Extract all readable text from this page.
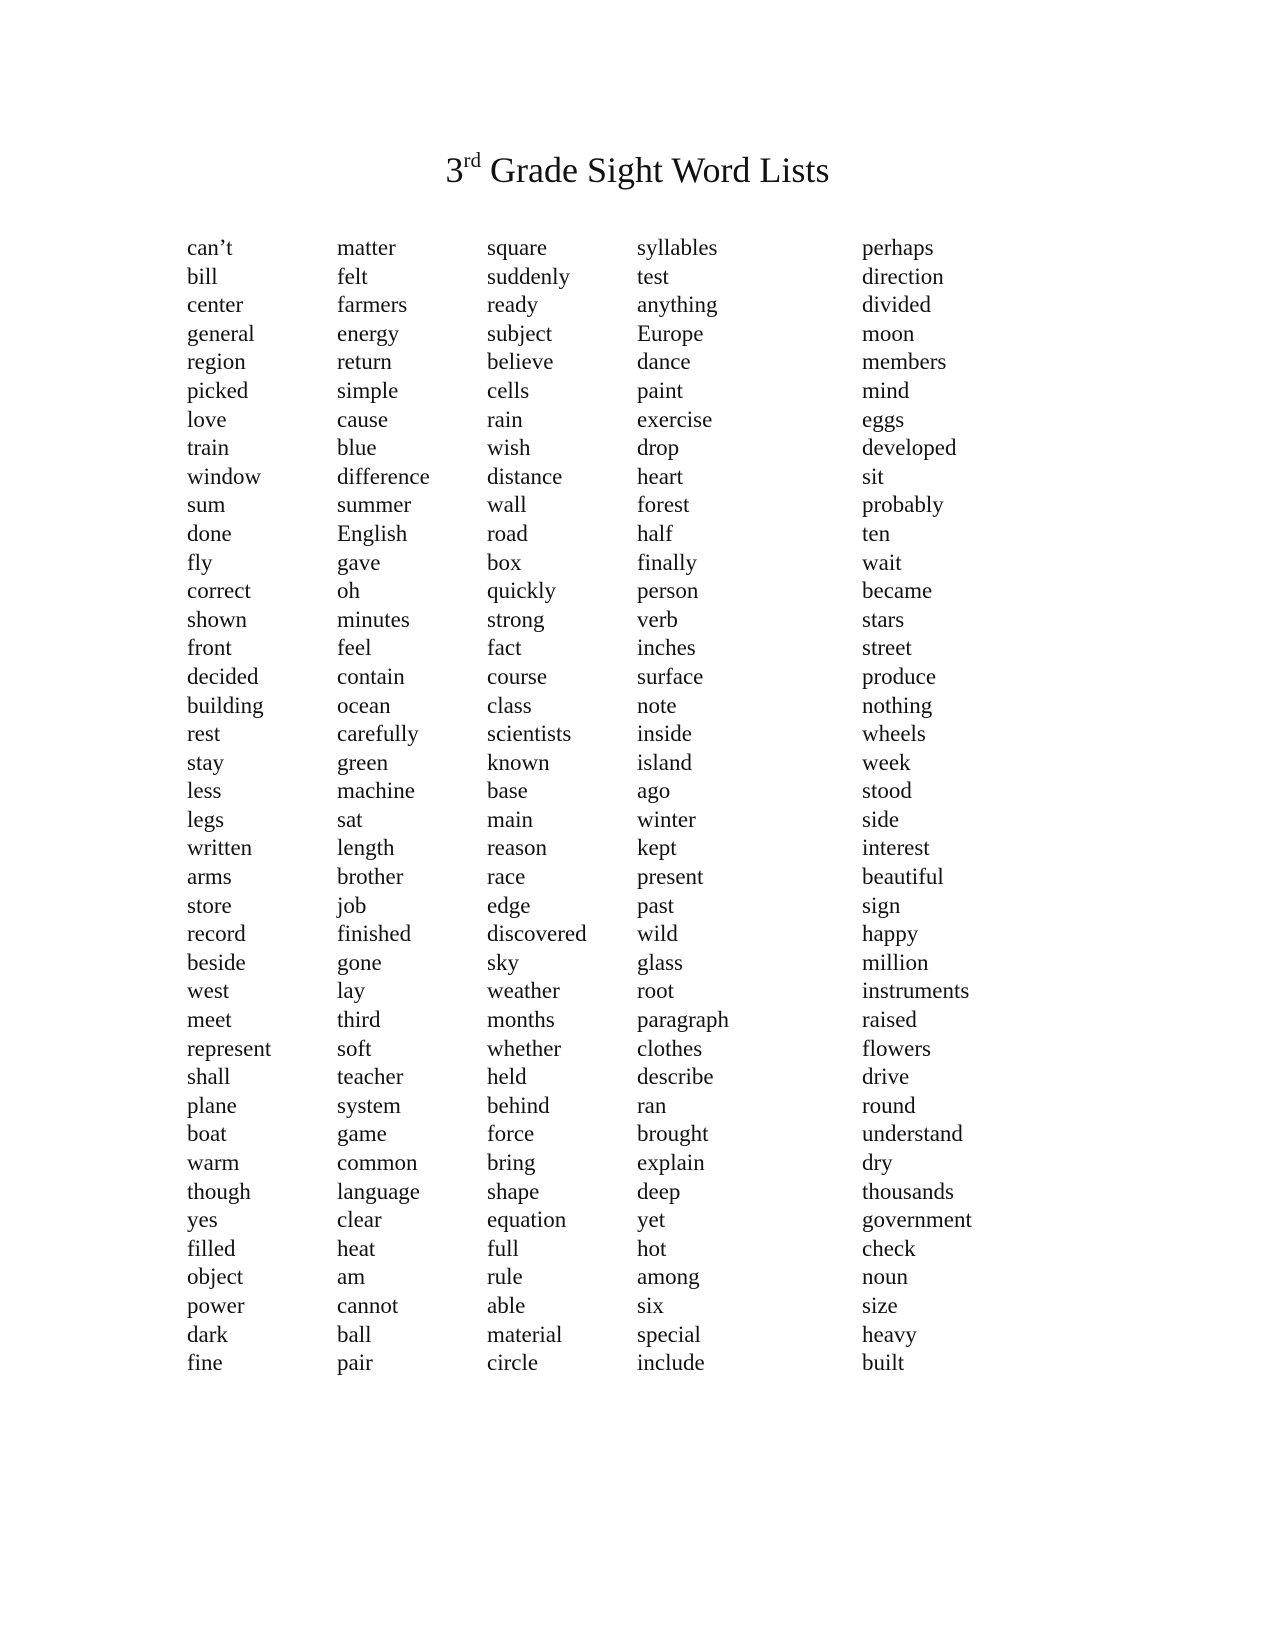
3rd Grade Sight Word Lists
can’t
bill
center
general
region
picked
love
train
window
sum
done
fly
correct
shown
front
decided
building
rest
stay
less
legs
written
arms
store
record
beside
west
meet
represent
shall
plane
boat
warm
though
yes
filled
object
power
dark
fine
matter
felt
farmers
energy
return
simple
cause
blue
difference
summer
English
gave
oh
minutes
feel
contain
ocean
carefully
green
machine
sat
length
brother
job
finished
gone
lay
third
soft
teacher
system
game
common
language
clear
heat
am
cannot
ball
pair
square
suddenly
ready
subject
believe
cells
rain
wish
distance
wall
road
box
quickly
strong
fact
course
class
scientists
known
base
main
reason
race
edge
discovered
sky
weather
months
whether
held
behind
force
bring
shape
equation
full
rule
able
material
circle
syllables
test
anything
Europe
dance
paint
exercise
drop
heart
forest
half
finally
person
verb
inches
surface
note
inside
island
ago
winter
kept
present
past
wild
glass
root
paragraph
clothes
describe
ran
brought
explain
deep
yet
hot
among
six
special
include
perhaps
direction
divided
moon
members
mind
eggs
developed
sit
probably
ten
wait
became
stars
street
produce
nothing
wheels
week
stood
side
interest
beautiful
sign
happy
million
instruments
raised
flowers
drive
round
understand
dry
thousands
government
check
noun
size
heavy
built
